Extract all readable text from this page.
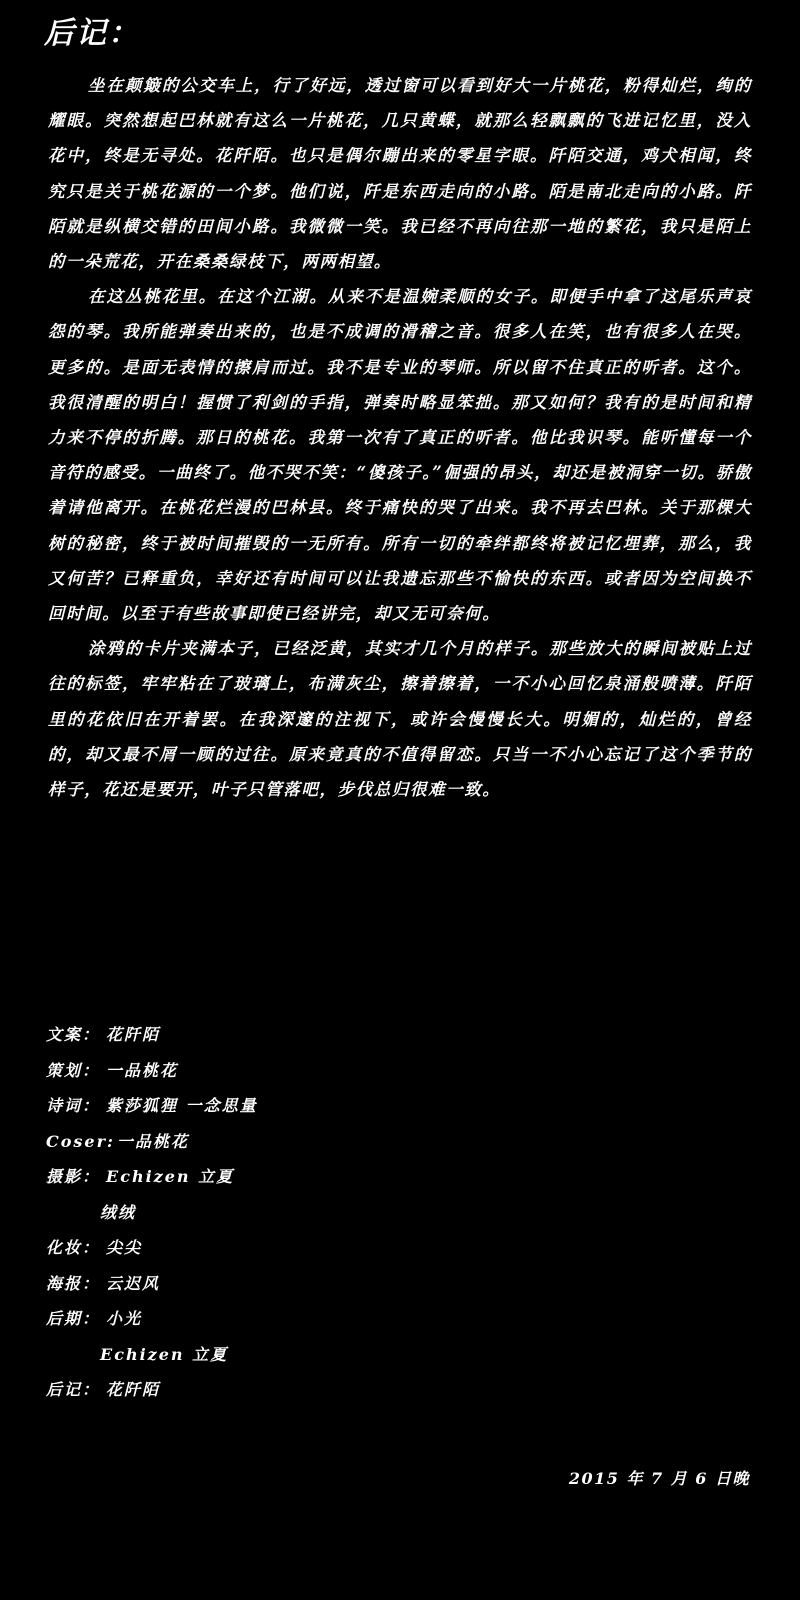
后记：

坐在颠簸的公交车上，行了好远，透过窗可以看到好大一片桃花，粉得灿烂，绚的耀眼。突然想起巴林就有这么一片桃花，几只黄蝶，就那么轻飘飘的飞进记忆里，没入花中，终是无寻处。花阡陌。也只是偶尔蹦出来的零星字眼。阡陌交通，鸡犬相闻，终究只是关于桃花源的一个梦。他们说，阡是东西走向的小路。陌是南北走向的小路。阡陌就是纵横交错的田间小路。我微微一笑。我已经不再向往那一地的繁花，我只是陌上的一朵荒花，开在桑桑绿枝下，两两相望。

在这丛桃花里。在这个江湖。从来不是温婉柔顺的女子。即便手中拿了这尾乐声哀怨的琴。我所能弹奏出来的，也是不成调的滑稽之音。很多人在笑，也有很多人在哭。更多的。是面无表情的擦肩而过。我不是专业的琴师。所以留不住真正的听者。这个。我很清醒的明白！握惯了利剑的手指，弹奏时略显笨拙。那又如何？我有的是时间和精力来不停的折腾。那日的桃花。我第一次有了真正的听者。他比我识琴。能听懂每一个音符的感受。一曲终了。他不哭不笑：“傻孩子。”倔强的昂头，却还是被洞穿一切。骄傲着请他离开。在桃花烂漫的巴林县。终于痛快的哭了出来。我不再去巴林。关于那棵大树的秘密，终于被时间摧毁的一无所有。所有一切的牵绊都终将被记忆埋葬，那么，我又何苦？已释重负，幸好还有时间可以让我遗忘那些不愉快的东西。或者因为空间换不回时间。以至于有些故事即使已经讲完，却又无可奈何。

涂鸦的卡片夹满本子，已经泛黄，其实才几个月的样子。那些放大的瞬间被贴上过往的标签，牢牢粘在了玻璃上，布满灰尘，擦着擦着，一不小心回忆泉涌般喷薄。阡陌里的花依旧在开着罢。在我深邃的注视下，或许会慢慢长大。明媚的，灿烂的，曾经的，却又最不屑一顾的过往。原来竟真的不值得留恋。只当一不小心忘记了这个季节的样子，花还是要开，叶子只管落吧，步伐总归很难一致。

文案： 花阡陌
策划： 一品桃花
诗词： 紫莎狐狸 一念思量
Coser: 一品桃花
摄影： Echizen 立夏
绒绒
化妆： 尖尖
海报： 云迟风
后期： 小光
Echizen 立夏
后记： 花阡陌
2015 年 7 月 6 日晚
